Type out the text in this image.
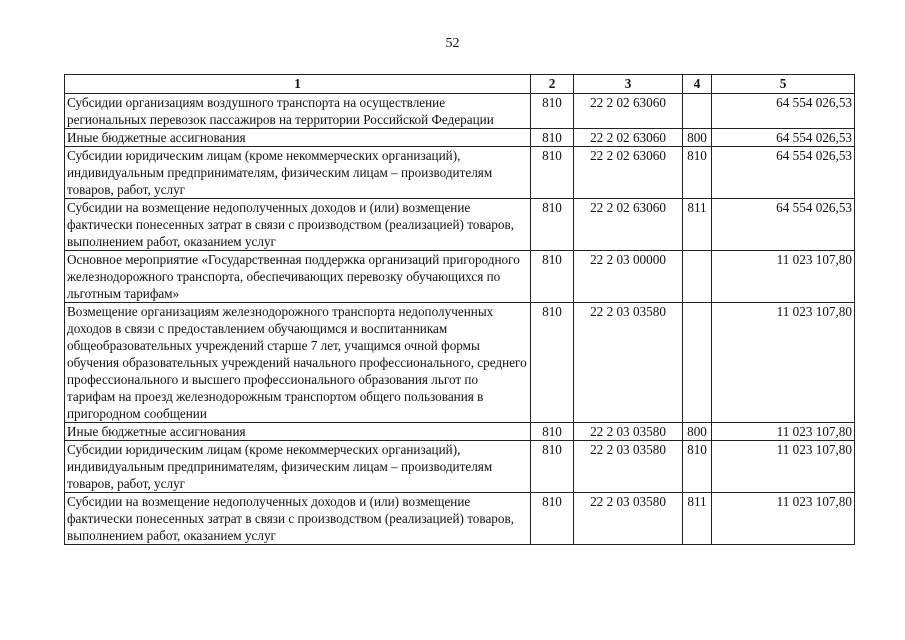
52
1	2	3	4	5
Субсидии организациям воздушного транспорта на осуществление региональных перевозок пассажиров на территории Российской Федерации	810	22 2 02 63060		64 554 026,53
Иные бюджетные ассигнования	810	22 2 02 63060	800	64 554 026,53
Субсидии юридическим лицам (кроме некоммерческих организаций), индивидуальным предпринимателям, физическим лицам – производителям товаров, работ, услуг	810	22 2 02 63060	810	64 554 026,53
Субсидии на возмещение недополученных доходов и (или) возмещение фактически понесенных затрат в связи с производством (реализацией) товаров, выполнением работ, оказанием услуг	810	22 2 02 63060	811	64 554 026,53
Основное мероприятие «Государственная поддержка организаций пригородного железнодорожного транспорта, обеспечивающих перевозку обучающихся по льготным тарифам»	810	22 2 03 00000		11 023 107,80
Возмещение организациям железнодорожного транспорта недополученных доходов в связи с предоставлением обучающимся и воспитанникам общеобразовательных учреждений старше 7 лет, учащимся очной формы обучения образовательных учреждений начального профессионального, среднего профессионального и высшего профессионального образования льгот по тарифам на проезд железнодорожным транспортом общего пользования в пригородном сообщении	810	22 2 03 03580		11 023 107,80
Иные бюджетные ассигнования	810	22 2 03 03580	800	11 023 107,80
Субсидии юридическим лицам (кроме некоммерческих организаций), индивидуальным предпринимателям, физическим лицам – производителям товаров, работ, услуг	810	22 2 03 03580	810	11 023 107,80
Субсидии на возмещение недополученных доходов и (или) возмещение фактически понесенных затрат в связи с производством (реализацией) товаров, выполнением работ, оказанием услуг	810	22 2 03 03580	811	11 023 107,80
